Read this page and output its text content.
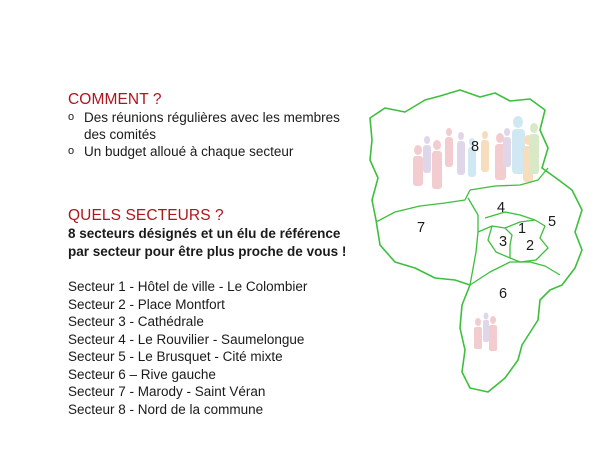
COMMENT ?
o Des réunions régulières avec les membres des comités
o Un budget alloué à chaque secteur
QUELS SECTEURS ?

8 secteurs désignés et un élu de référence par secteur pour être plus proche de vous !

Secteur 1 - Hôtel de ville - Le Colombier
Secteur 2 - Place Montfort
Secteur 3 - Cathédrale
Secteur 4 - Le Rouvilier - Saumelongue
Secteur 5 - Le Brusquet - Cité mixte
Secteur 6 – Rive gauche
Secteur 7 - Marody - Saint Véran
Secteur 8 - Nord de la commune
8
7
4
5
1
3 2
6
